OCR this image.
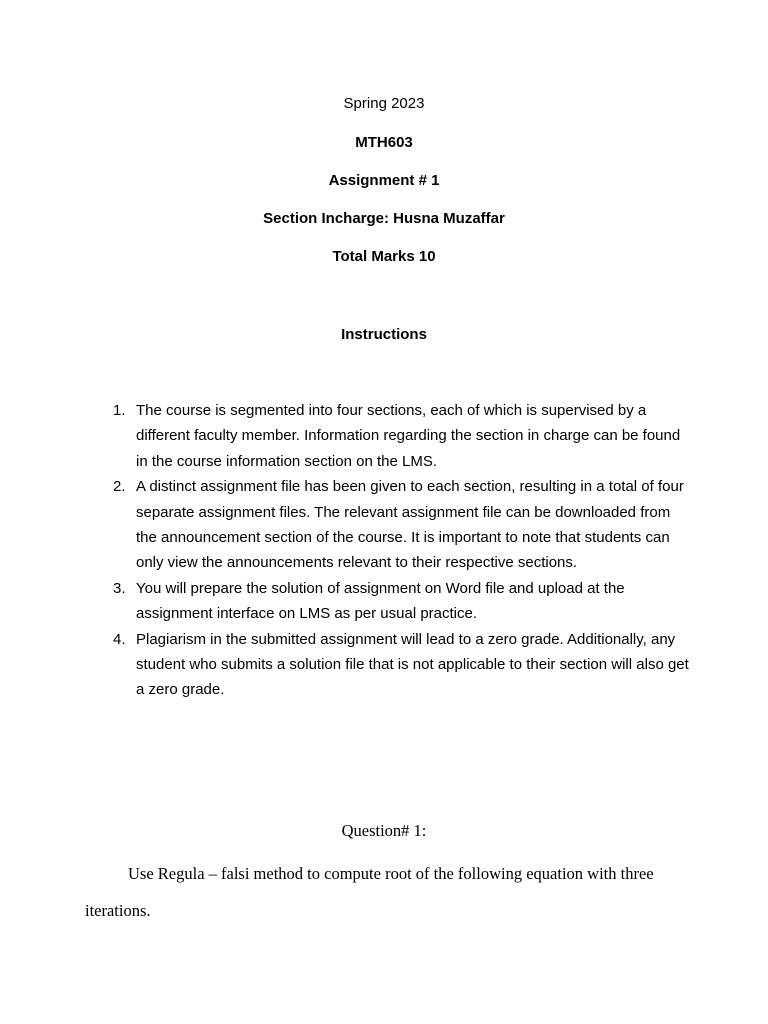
Spring 2023
MTH603
Assignment # 1
Section Incharge: Husna Muzaffar
Total Marks 10
Instructions
1. The course is segmented into four sections, each of which is supervised by a different faculty member. Information regarding the section in charge can be found in the course information section on the LMS.
2. A distinct assignment file has been given to each section, resulting in a total of four separate assignment files. The relevant assignment file can be downloaded from the announcement section of the course. It is important to note that students can only view the announcements relevant to their respective sections.
3. You will prepare the solution of assignment on Word file and upload at the assignment interface on LMS as per usual practice.
4. Plagiarism in the submitted assignment will lead to a zero grade. Additionally, any student who submits a solution file that is not applicable to their section will also get a zero grade.
Question# 1:
Use Regula – falsi method to compute root of the following equation with three iterations.
